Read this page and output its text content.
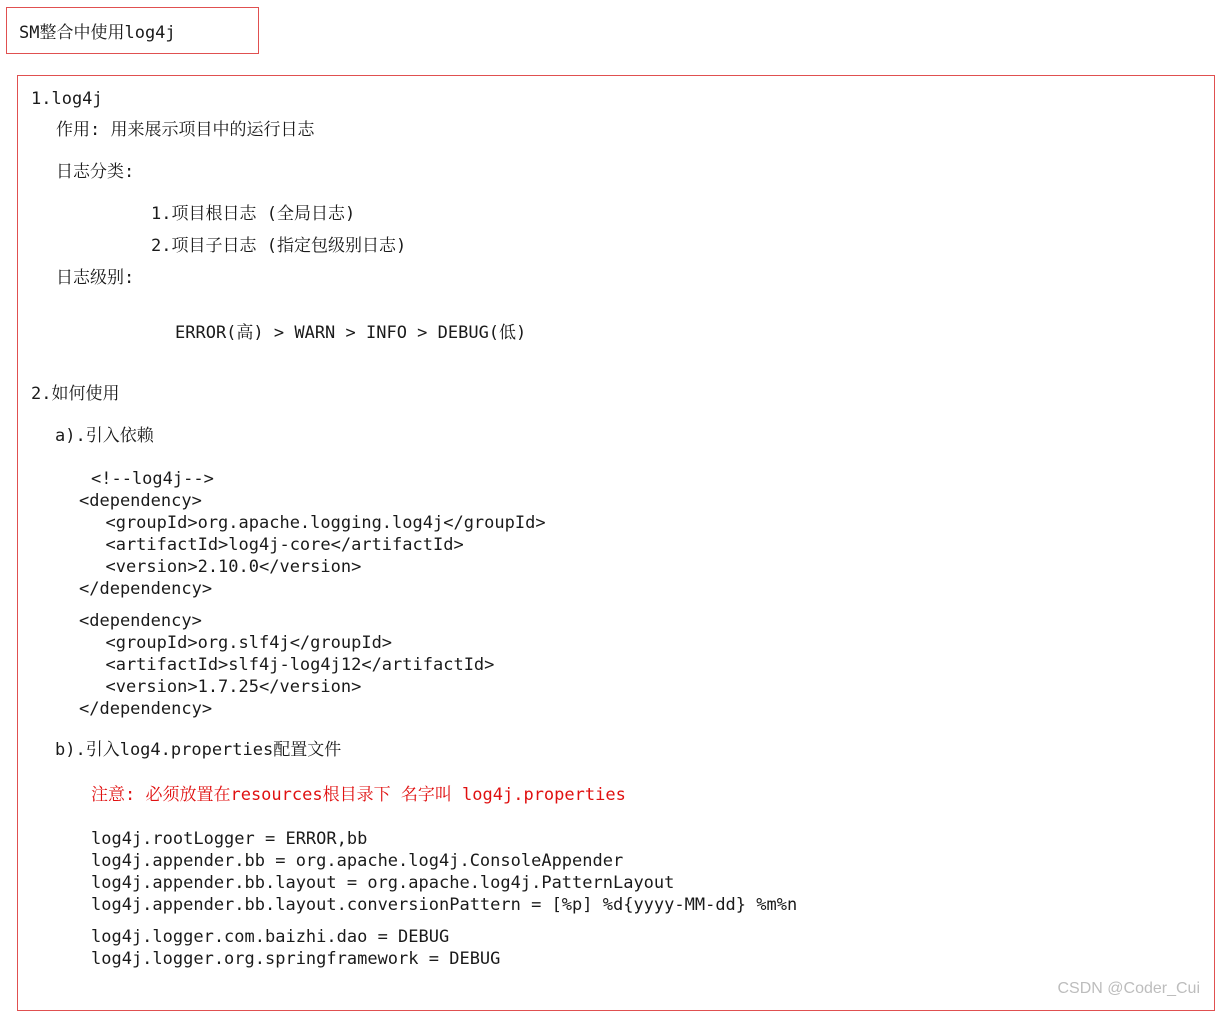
SM整合中使用log4j
1.log4j
作用: 用来展示项目中的运行日志
日志分类:
1.项目根日志 (全局日志)
2.项目子日志 (指定包级别日志)
日志级别:
ERROR(高) > WARN > INFO > DEBUG(低)
2.如何使用
a).引入依赖
<!--log4j-->
<dependency>
<groupId>org.apache.logging.log4j</groupId>
<artifactId>log4j-core</artifactId>
<version>2.10.0</version>
</dependency>
<dependency>
<groupId>org.slf4j</groupId>
<artifactId>slf4j-log4j12</artifactId>
<version>1.7.25</version>
</dependency>
b).引入log4.properties配置文件
注意: 必须放置在resources根目录下 名字叫 log4j.properties
log4j.rootLogger = ERROR,bb
log4j.appender.bb = org.apache.log4j.ConsoleAppender
log4j.appender.bb.layout = org.apache.log4j.PatternLayout
log4j.appender.bb.layout.conversionPattern = [%p] %d{yyyy-MM-dd} %m%n
log4j.logger.com.baizhi.dao = DEBUG
log4j.logger.org.springframework = DEBUG
CSDN @Coder_Cui
